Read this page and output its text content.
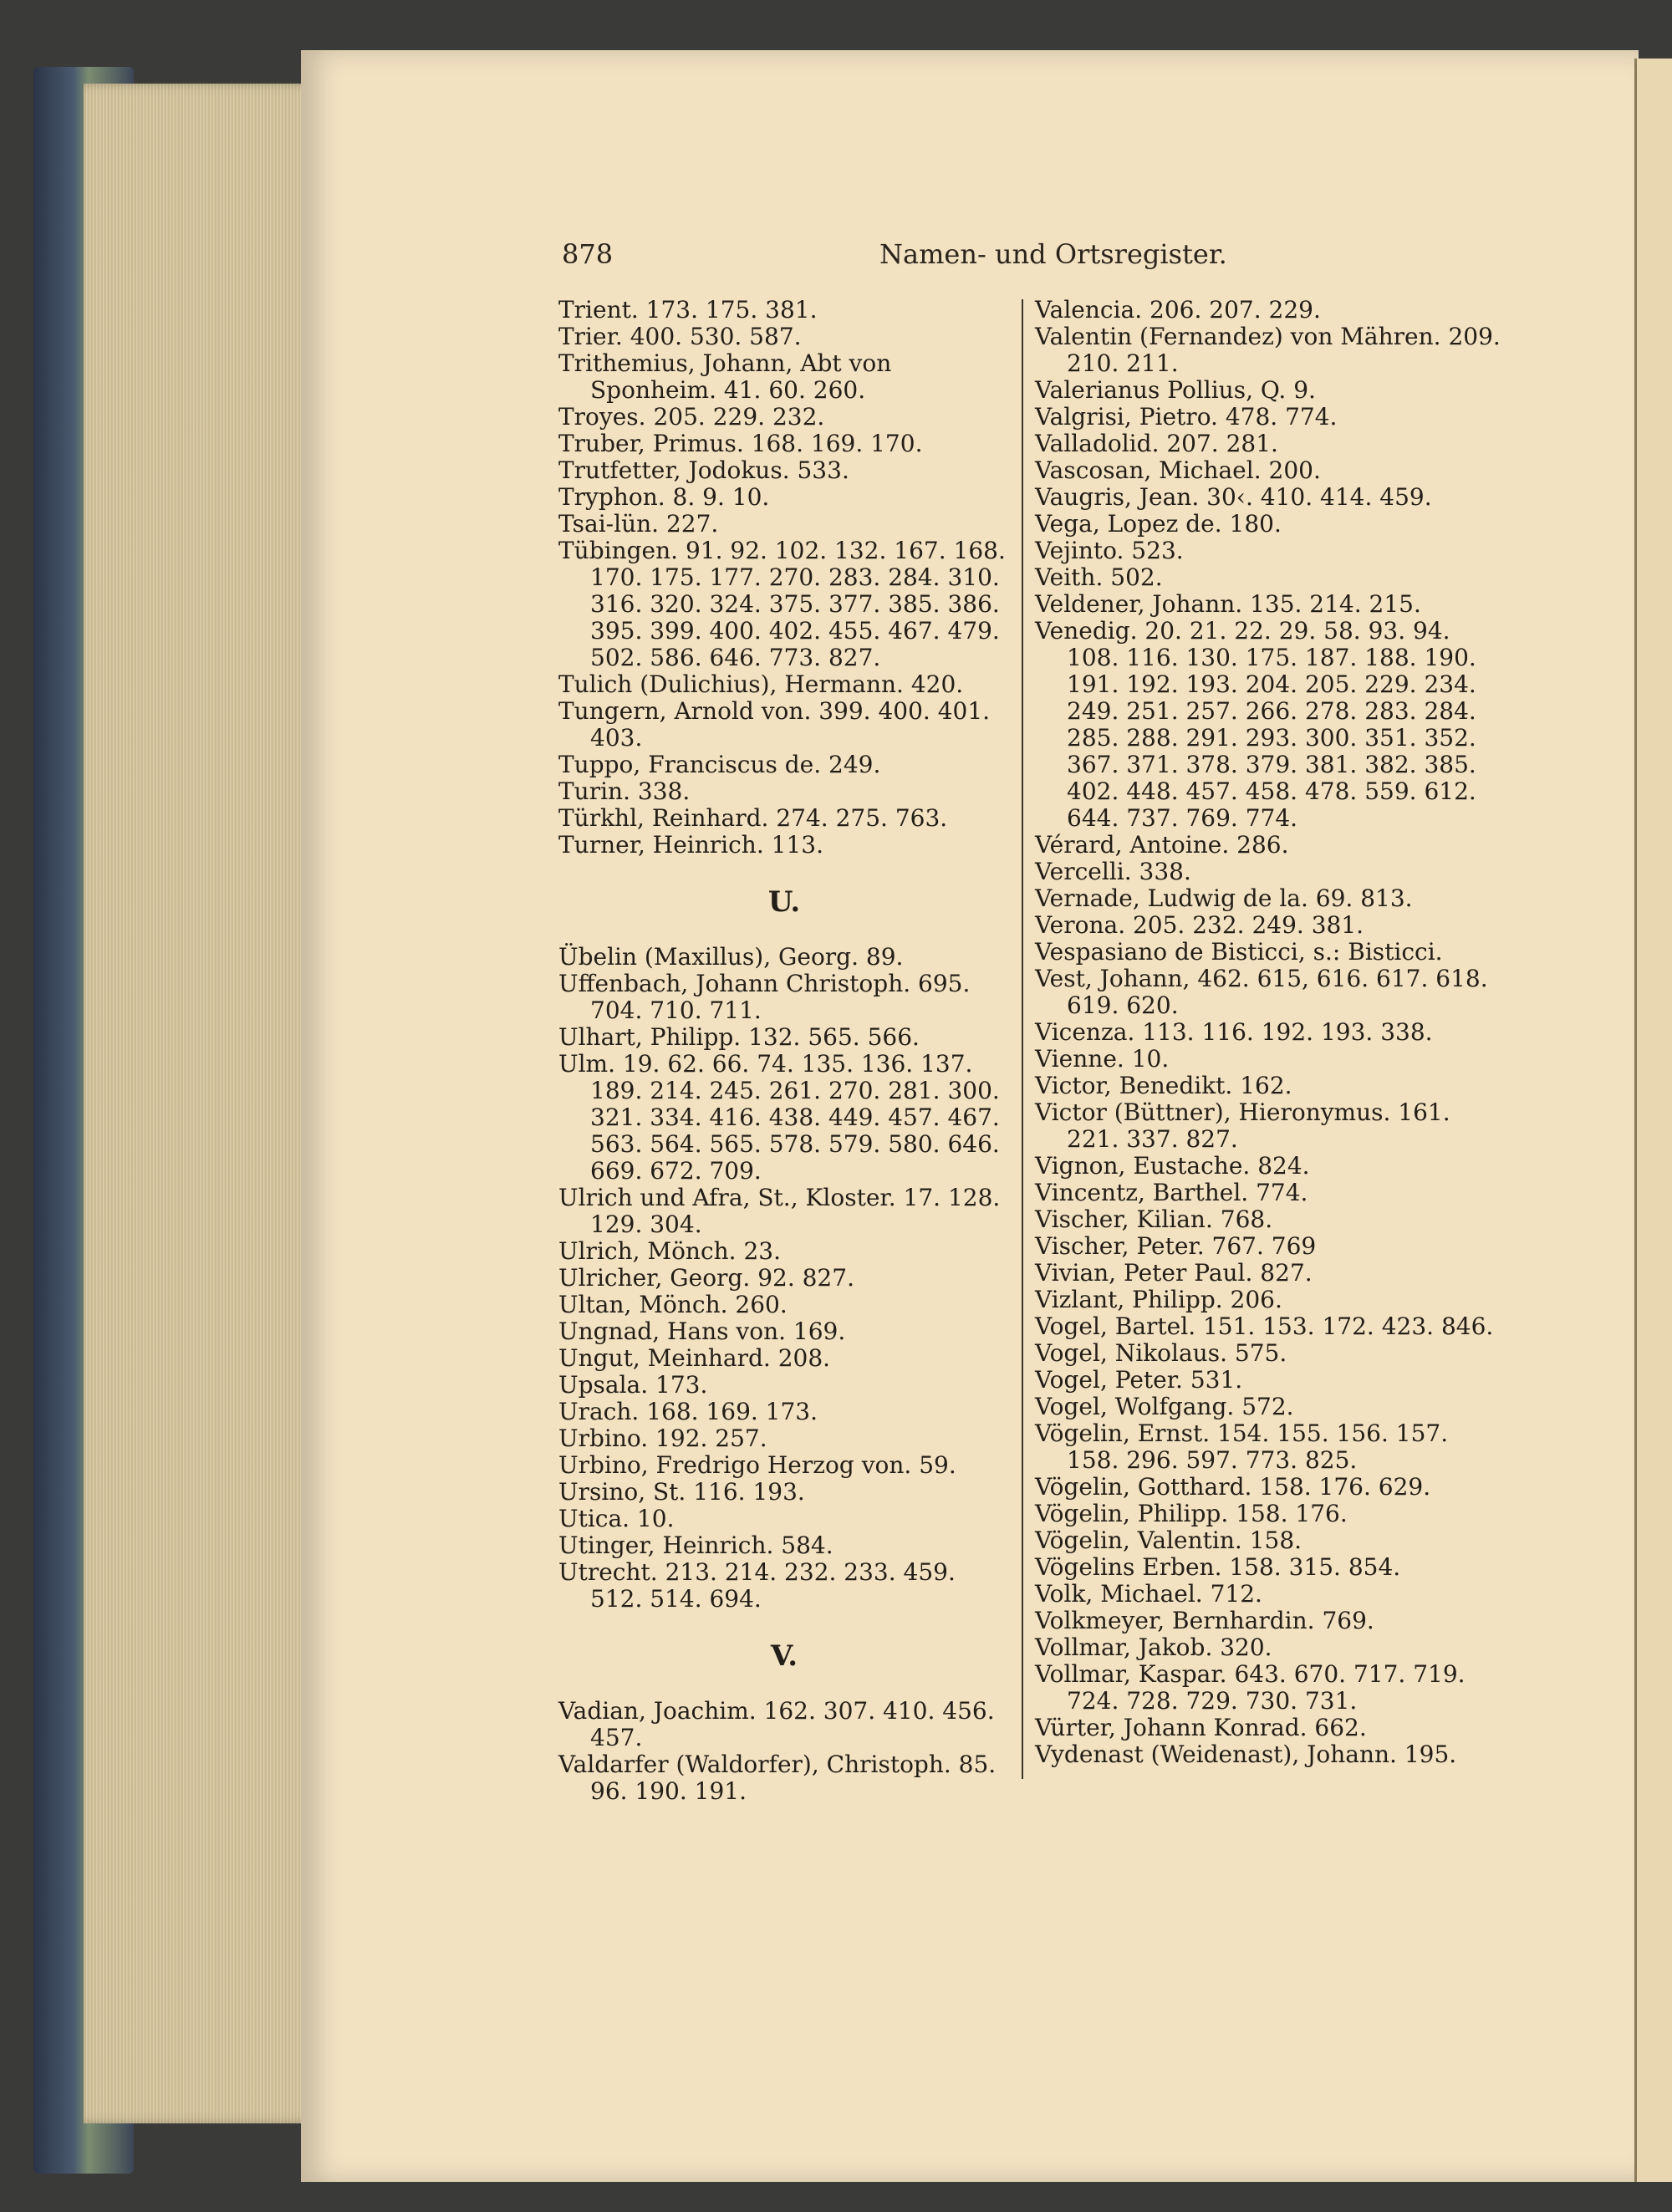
878	Namen- und Ortsregister.
Trient. 173. 175. 381.
Trier. 400. 530. 587.
Trithemius, Johann, Abt von Sponheim. 41. 60. 260.
Troyes. 205. 229. 232.
Truber, Primus. 168. 169. 170.
Trutfetter, Jodokus. 533.
Tryphon. 8. 9. 10.
Tsai-lün. 227.
Tübingen. 91. 92. 102. 132. 167. 168. 170. 175. 177. 270. 283. 284. 310. 316. 320. 324. 375. 377. 385. 386. 395. 399. 400. 402. 455. 467. 479. 502. 586. 646. 773. 827.
Tulich (Dulichius), Hermann. 420.
Tungern, Arnold von. 399. 400. 401. 403.
Tuppo, Franciscus de. 249.
Turin. 338.
Türkhl, Reinhard. 274. 275. 763.
Turner, Heinrich. 113.
U.
Übelin (Maxillus), Georg. 89.
Uffenbach, Johann Christoph. 695. 704. 710. 711.
Ulhart, Philipp. 132. 565. 566.
Ulm. 19. 62. 66. 74. 135. 136. 137. 189. 214. 245. 261. 270. 281. 300. 321. 334. 416. 438. 449. 457. 467. 563. 564. 565. 578. 579. 580. 646. 669. 672. 709.
Ulrich und Afra, St., Kloster. 17. 128. 129. 304.
Ulrich, Mönch. 23.
Ulricher, Georg. 92. 827.
Ultan, Mönch. 260.
Ungnad, Hans von. 169.
Ungut, Meinhard. 208.
Upsala. 173.
Urach. 168. 169. 173.
Urbino. 192. 257.
Urbino, Fredrigo Herzog von. 59.
Ursino, St. 116. 193.
Utica. 10.
Utinger, Heinrich. 584.
Utrecht. 213. 214. 232. 233. 459. 512. 514. 694.
V.
Vadian, Joachim. 162. 307. 410. 456. 457.
Valdarfer (Waldorfer), Christoph. 85. 96. 190. 191.
Valencia. 206. 207. 229.
Valentin (Fernandez) von Mähren. 209. 210. 211.
Valerianus Pollius, Q. 9.
Valgrisi, Pietro. 478. 774.
Valladolid. 207. 281.
Vascosan, Michael. 200.
Vaugris, Jean. 30‹. 410. 414. 459.
Vega, Lopez de. 180.
Vejinto. 523.
Veith. 502.
Veldener, Johann. 135. 214. 215.
Venedig. 20. 21. 22. 29. 58. 93. 94. 108. 116. 130. 175. 187. 188. 190. 191. 192. 193. 204. 205. 229. 234. 249. 251. 257. 266. 278. 283. 284. 285. 288. 291. 293. 300. 351. 352. 367. 371. 378. 379. 381. 382. 385. 402. 448. 457. 458. 478. 559. 612. 644. 737. 769. 774.
Vérard, Antoine. 286.
Vercelli. 338.
Vernade, Ludwig de la. 69. 813.
Verona. 205. 232. 249. 381.
Vespasiano de Bisticci, s.: Bisticci.
Vest, Johann, 462. 615, 616. 617. 618. 619. 620.
Vicenza. 113. 116. 192. 193. 338.
Vienne. 10.
Victor, Benedikt. 162.
Victor (Büttner), Hieronymus. 161. 221. 337. 827.
Vignon, Eustache. 824.
Vincentz, Barthel. 774.
Vischer, Kilian. 768.
Vischer, Peter. 767. 769
Vivian, Peter Paul. 827.
Vizlant, Philipp. 206.
Vogel, Bartel. 151. 153. 172. 423. 846.
Vogel, Nikolaus. 575.
Vogel, Peter. 531.
Vogel, Wolfgang. 572.
Vögelin, Ernst. 154. 155. 156. 157. 158. 296. 597. 773. 825.
Vögelin, Gotthard. 158. 176. 629.
Vögelin, Philipp. 158. 176.
Vögelin, Valentin. 158.
Vögelins Erben. 158. 315. 854.
Volk, Michael. 712.
Volkmeyer, Bernhardin. 769.
Vollmar, Jakob. 320.
Vollmar, Kaspar. 643. 670. 717. 719. 724. 728. 729. 730. 731.
Vürter, Johann Konrad. 662.
Vydenast (Weidenast), Johann. 195.
